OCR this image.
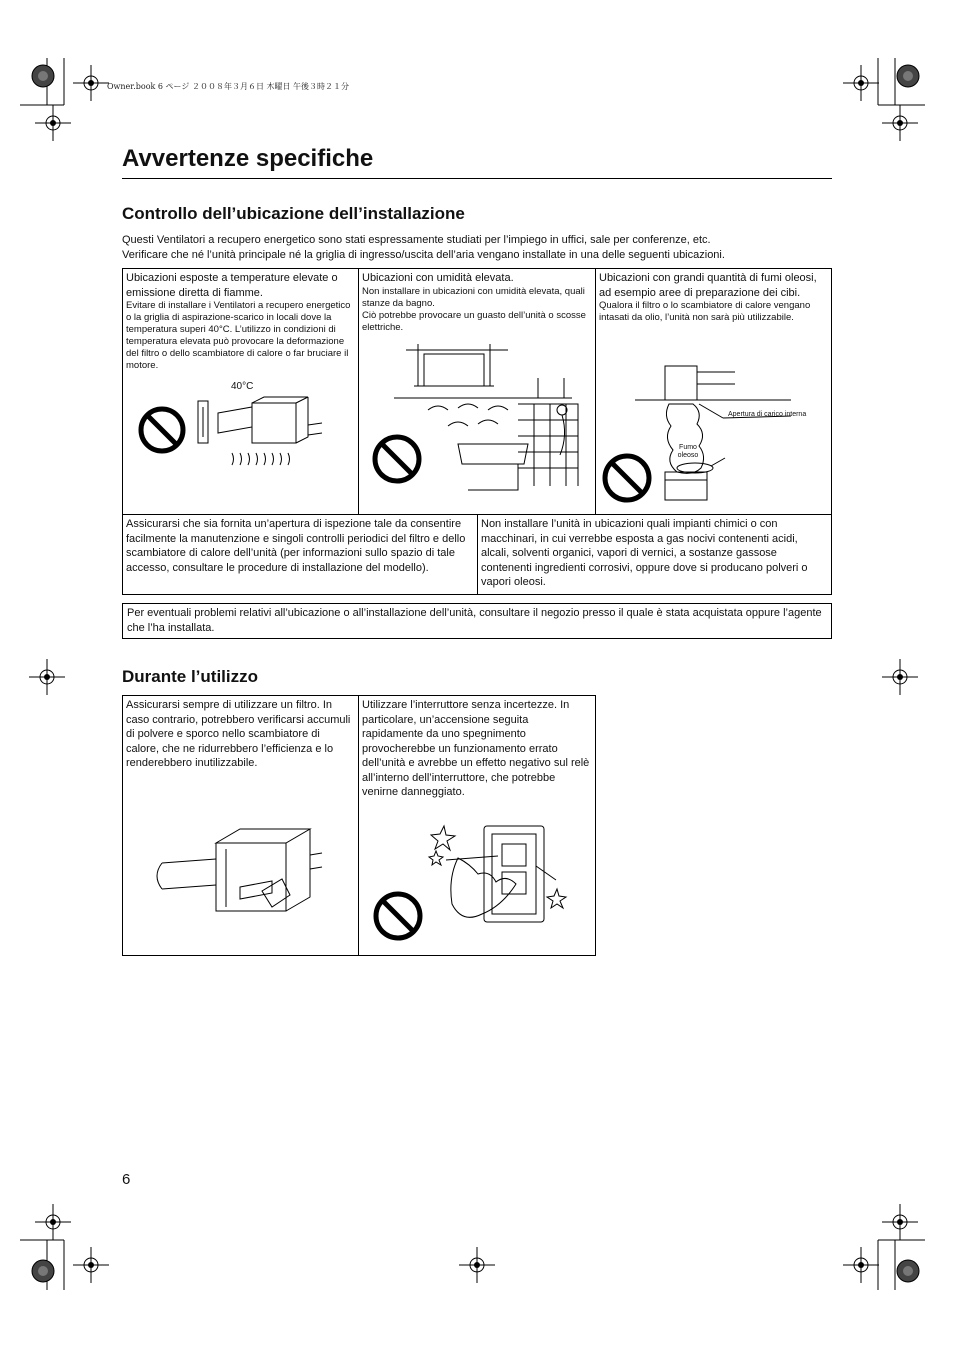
Owner.book 6 ページ ２００８年３月６日 木曜日 午後３時２１分
Avvertenze specifiche
Controllo dell’ubicazione dell’installazione
Questi Ventilatori a recupero energetico sono stati espressamente studiati per l’impiego in uffici, sale per conferenze, etc.
Verificare che né l’unità principale né la griglia di ingresso/uscita dell’aria vengano installate in una delle seguenti ubicazioni.
Ubicazioni esposte a temperature elevate o emissione diretta di fiamme.
Evitare di installare i Ventilatori a recupero energetico o la griglia di aspirazione-scarico in locali dove la temperatura superi 40°C. L’utilizzo in condizioni di temperatura elevata può provocare la deformazione del filtro o dello scambiatore di calore o far bruciare il motore.
40°C
Ubicazioni con umidità elevata.
Non installare in ubicazioni con umidità elevata, quali stanze da bagno.
Ciò potrebbe provocare un guasto dell’unità o scosse elettriche.
Ubicazioni con grandi quantità di fumi oleosi, ad esempio aree di preparazione dei cibi.
Qualora il filtro o lo scambiatore di calore vengano intasati da olio, l’unità non sarà più utilizzabile.
Apertura di carico interna
Fumo oleoso
Assicurarsi che sia fornita un’apertura di ispezione tale da consentire facilmente la manutenzione e singoli controlli periodici del filtro e dello scambiatore di calore dell’unità (per informazioni sullo spazio di tale accesso, consultare le procedure di installazione del modello).
Non installare l’unità in ubicazioni quali impianti chimici o con macchinari, in cui verrebbe esposta a gas nocivi contenenti acidi, alcali, solventi organici, vapori di vernici, a sostanze gassose contenenti ingredienti corrosivi, oppure dove si producano polveri o vapori oleosi.
Per eventuali problemi relativi all’ubicazione o all’installazione dell’unità, consultare il negozio presso il quale è stata acquistata oppure l’agente che l’ha installata.
Durante l’utilizzo
Assicurarsi sempre di utilizzare un filtro. In caso contrario, potrebbero verificarsi accumuli di polvere e sporco nello scambiatore di calore, che ne ridurrebbero l’efficienza e lo renderebbero inutilizzabile.
Utilizzare l’interruttore senza incertezze. In particolare, un’accensione seguita rapidamente da uno spegnimento provocherebbe un funzionamento errato dell’unità e avrebbe un effetto negativo sul relè all’interno dell’interruttore, che potrebbe venirne danneggiato.
6
